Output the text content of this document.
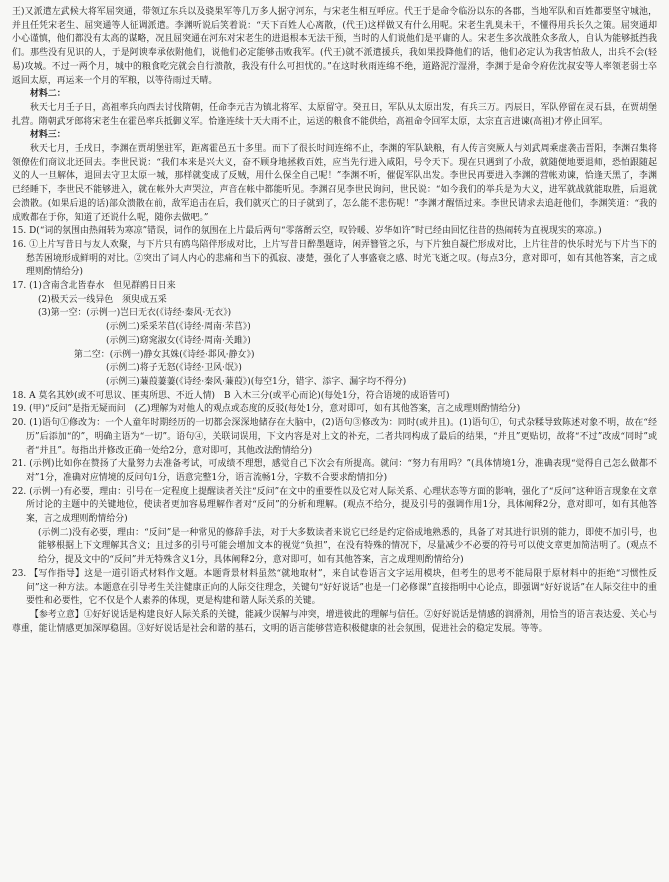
王)又派遣左武候大将军屈突通，带领辽东兵以及骁果军等几万多人据守河东，与宋老生相互呼应。代王于是命令临汾以东的各郡，当地军队和百姓都要坚守城池，并且任凭宋老生、屈突通等人征调派遣。李渊听说后笑着说：“天下百姓人心离散，(代王)这样做又有什么用呢。宋老生乳臭未干，不懂得用兵长久之策。屈突通却小心谨慎，他们都没有太高的谋略，况且屈突通在河东对宋老生的进退根本无法干预，当时的人们说他们是平庸的人。宋老生多次战胜众多敌人，自认为能够抵挡我们。那些没有见识的人，于是阿谀奉承依附他们，说他们必定能够击败我军。(代王)就不派遣援兵，我如果投降他们的话，他们必定认为我害怕敌人，出兵不会(轻易)攻城。不过一两个月，城中的粮食吃完就会自行溃散，我没有什么可担忧的。”在这时秋雨连绵不绝，道路泥泞湿滑，李渊于是命令府佐沈叔安等人率领老弱士卒返回太原，再运来一个月的军粮，以等待雨过天晴。

材料二：

秋天七月壬子日，高祖率兵向西去讨伐隋朝，任命李元吉为镇北将军、太原留守。癸丑日，军队从太原出发，有兵三万。丙辰日，军队停留在灵石县，在贾胡堡扎营。隋朝武牙郎将宋老生在霍邑率兵抵御义军。恰逢连续十天大雨不止，运送的粮食不能供给，高祖命令回军太原，太宗直言进谏(高祖)才停止回军。

材料三：

秋天七月，壬戌日，李渊在贾胡堡驻军，距离霍邑五十多里。而下了很长时间连绵不止，李渊的军队缺粮，有人传言突厥人与刘武周乘虚袭击晋阳，李渊召集将领僚佐们商议北还回去。李世民说：“我们本来是兴大义，奋不顾身地拯救百姓，应当先行进入咸阳，号令天下。现在只遇到了小敌，就随便地要退师，恐怕跟随起义的人一旦解体，退回去守卫太原一城，那样就变成了反贼，用什么保全自己呢！”李渊不听，催促军队出发。李世民再要进入李渊的营帐劝谏，恰逢天黑了，李渊已经睡下，李世民不能够进入，就在帐外大声哭泣，声音在帐中都能听见。李渊召见李世民询问，世民说：“如今我们的举兵是为大义，进军就战就能取胜，后退就会溃散。(如果后退的话)部众溃散在前，敌军追击在后，我们就灭亡的日子就到了，怎么能不悲伤呢！”李渊才醒悟过来。李世民请求去追赶他们，李渊笑道：“我的成败都在于你，知道了还说什么呢，随你去做吧。”

15. D(“词的氛围由热闹转为寒凉”错误，词作的氛围在上片最后两句“零落酹云空，叹铃暖、岁华如许”时已经由回忆往昔的热闹转为直视现实的寒凉。)

16. ①上片写昔日与友人欢聚，与下片只有鸥鸟陪伴形成对比，上片写昔日醉墨题诗，闲弄簪管之乐，与下片独自凝伫形成对比，上片往昔的快乐时光与下片当下的愁苦困境形成鲜明的对比。②突出了词人内心的悲痛和当下的孤寂、凄楚，强化了人事盛衰之感、时光飞逝之叹。(每点3分，意对即可，如有其他答案，言之成理则酌情给分)

17. (1)含南含北皆春水　但见群鸥日日来

(2)极天云一线异色　须臾成五采

(3)第一空：(示例一)岂曰无衣(《诗经·秦风·无衣》)

(示例二)采采芣苢(《诗经·周南·芣苢》)

(示例三)窈窕淑女(《诗经·周南·关雎》)

第二空：(示例一)静女其姝(《诗经·邶风·静女》)

(示例二)将子无怒(《诗经·卫风·氓》)

(示例三)蒹葭萋萋(《诗经·秦风·蒹葭》)(每空1分，错字、添字、漏字均不得分)

18. A 莫名其妙(或不可思议、匪夷所思、不近人情)　B 入木三分(或平心而论)(每处1分，符合语境的成语皆可)

19. (甲)“反问”是指无疑而问　(乙)理解为对他人的观点或态度的反驳(每处1分，意对即可，如有其他答案，言之成理则酌情给分)

20. (1)语句①修改为：一个人童年时期经历的一切都会深深地储存在大脑中，(2)语句③修改为：同时(或并且)。(1)语句①，句式杂糅导致陈述对象不明，故在“经历”后添加“的”，明确主语为“一切”。语句④，关联词误用，下文内容是对上文的补充，二者共同构成了最后的结果，“并且”更贴切，故将“不过”改成“同时”或者“并且”。每指出并修改正确一处给2分，意对即可，其他改法酌情给分)

21. (示例)比如你在赞扬了大量努力去准备考试，可成绩不理想，感觉自己下次会有所提高。就问：“努力有用吗？”(具体情境1分，准确表现“觉得自己怎么做都不对”1分，准确对应情境的反问句1分，语意完整1分，语言流畅1分，字数不合要求酌情扣分)

22. (示例一)有必要，理由：引号在一定程度上提醒读者关注“反问”在文中的重要性以及它对人际关系、心理状态等方面的影响，强化了“反问”这种语言现象在文章所讨论的主题中的关键地位，使读者更加容易理解作者对“反问”的分析和理解。(观点不给分，提及引号的强调作用1分，具体阐释2分，意对即可，如有其他答案，言之成理则酌情给分)

(示例二)没有必要，理由：“反问”是一种常见的修辞手法，对于大多数读者来说它已经是约定俗成地熟悉的，具备了对其进行识别的能力，即使不加引号，也能够根据上下文理解其含义；且过多的引号可能会增加文本的视觉“负担”，在没有特殊的情况下，尽量减少不必要的符号可以使文章更加简洁明了。(观点不给分，提及文中的“反问”并无特殊含义1分，具体阐释2分，意对即可，如有其他答案，言之成理则酌情给分)

23. 【写作指导】这是一道引语式材料作文题。本题背景材料虽然“就地取材”，来自试卷语言文字运用模块，但考生的思考不能局限于原材料中的拒绝“习惯性反问”这一种方法。本题意在引导考生关注健康正向的人际交往理念，关键句“好好说话”也是一门必修课”直接指明中心论点，即强调“好好说话”在人际交往中的重要性和必要性，它不仅是个人素养的体现，更是构建和谐人际关系的关键。

【参考立意】①好好说话是构建良好人际关系的关键，能减少误解与冲突，增进彼此的理解与信任。②好好说话是情感的润滑剂，用恰当的语言表达爱、关心与尊重，能让情感更加深厚稳固。③好好说话是社会和谐的基石，文明的语言能够营造积极健康的社会氛围，促进社会的稳定发展。等等。
